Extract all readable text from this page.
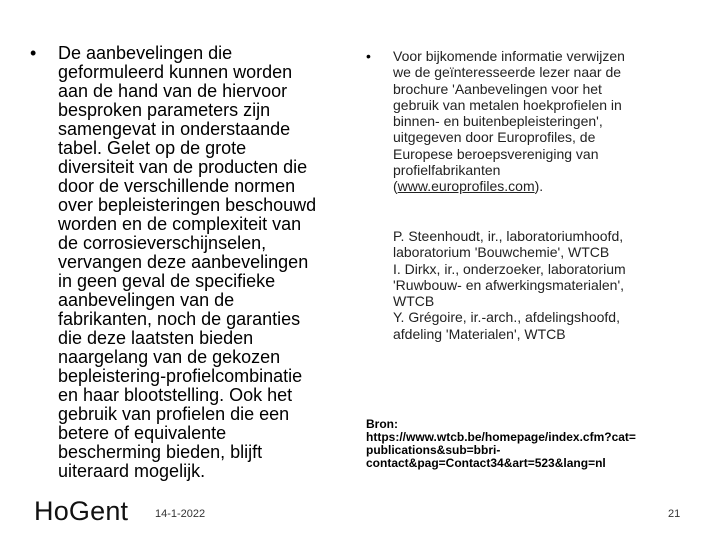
• De aanbevelingen die
geformuleerd kunnen worden
aan de hand van de hiervoor
besproken parameters zijn
samengevat in onderstaande
tabel. Gelet op de grote
diversiteit van de producten die
door de verschillende normen
over bepleisteringen beschouwd
worden en de complexiteit van
de corrosieverschijnselen,
vervangen deze aanbevelingen
in geen geval de specifieke
aanbevelingen van de
fabrikanten, noch de garanties
die deze laatsten bieden
naargelang van de gekozen
bepleistering-profielcombinatie
en haar blootstelling. Ook het
gebruik van profielen die een
betere of equivalente
bescherming bieden, blijft
uiteraard mogelijk.
• Voor bijkomende informatie verwijzen
we de geïnteresseerde lezer naar de
brochure 'Aanbevelingen voor het
gebruik van metalen hoekprofielen in
binnen- en buitenbepleisteringen',
uitgegeven door Europrofiles, de
Europese beroepsvereniging van
profielfabrikanten
(www.europrofiles.com).
P. Steenhoudt, ir., laboratoriumhoofd,
laboratorium 'Bouwchemie', WTCB
I. Dirkx, ir., onderzoeker, laboratorium
'Ruwbouw- en afwerkingsmaterialen',
WTCB
Y. Grégoire, ir.-arch., afdelingshoofd,
afdeling 'Materialen', WTCB
Bron:
https://www.wtcb.be/homepage/index.cfm?cat=
publications&sub=bbri-
contact&pag=Contact34&art=523&lang=nl
HoGent 14-1-2022	21
